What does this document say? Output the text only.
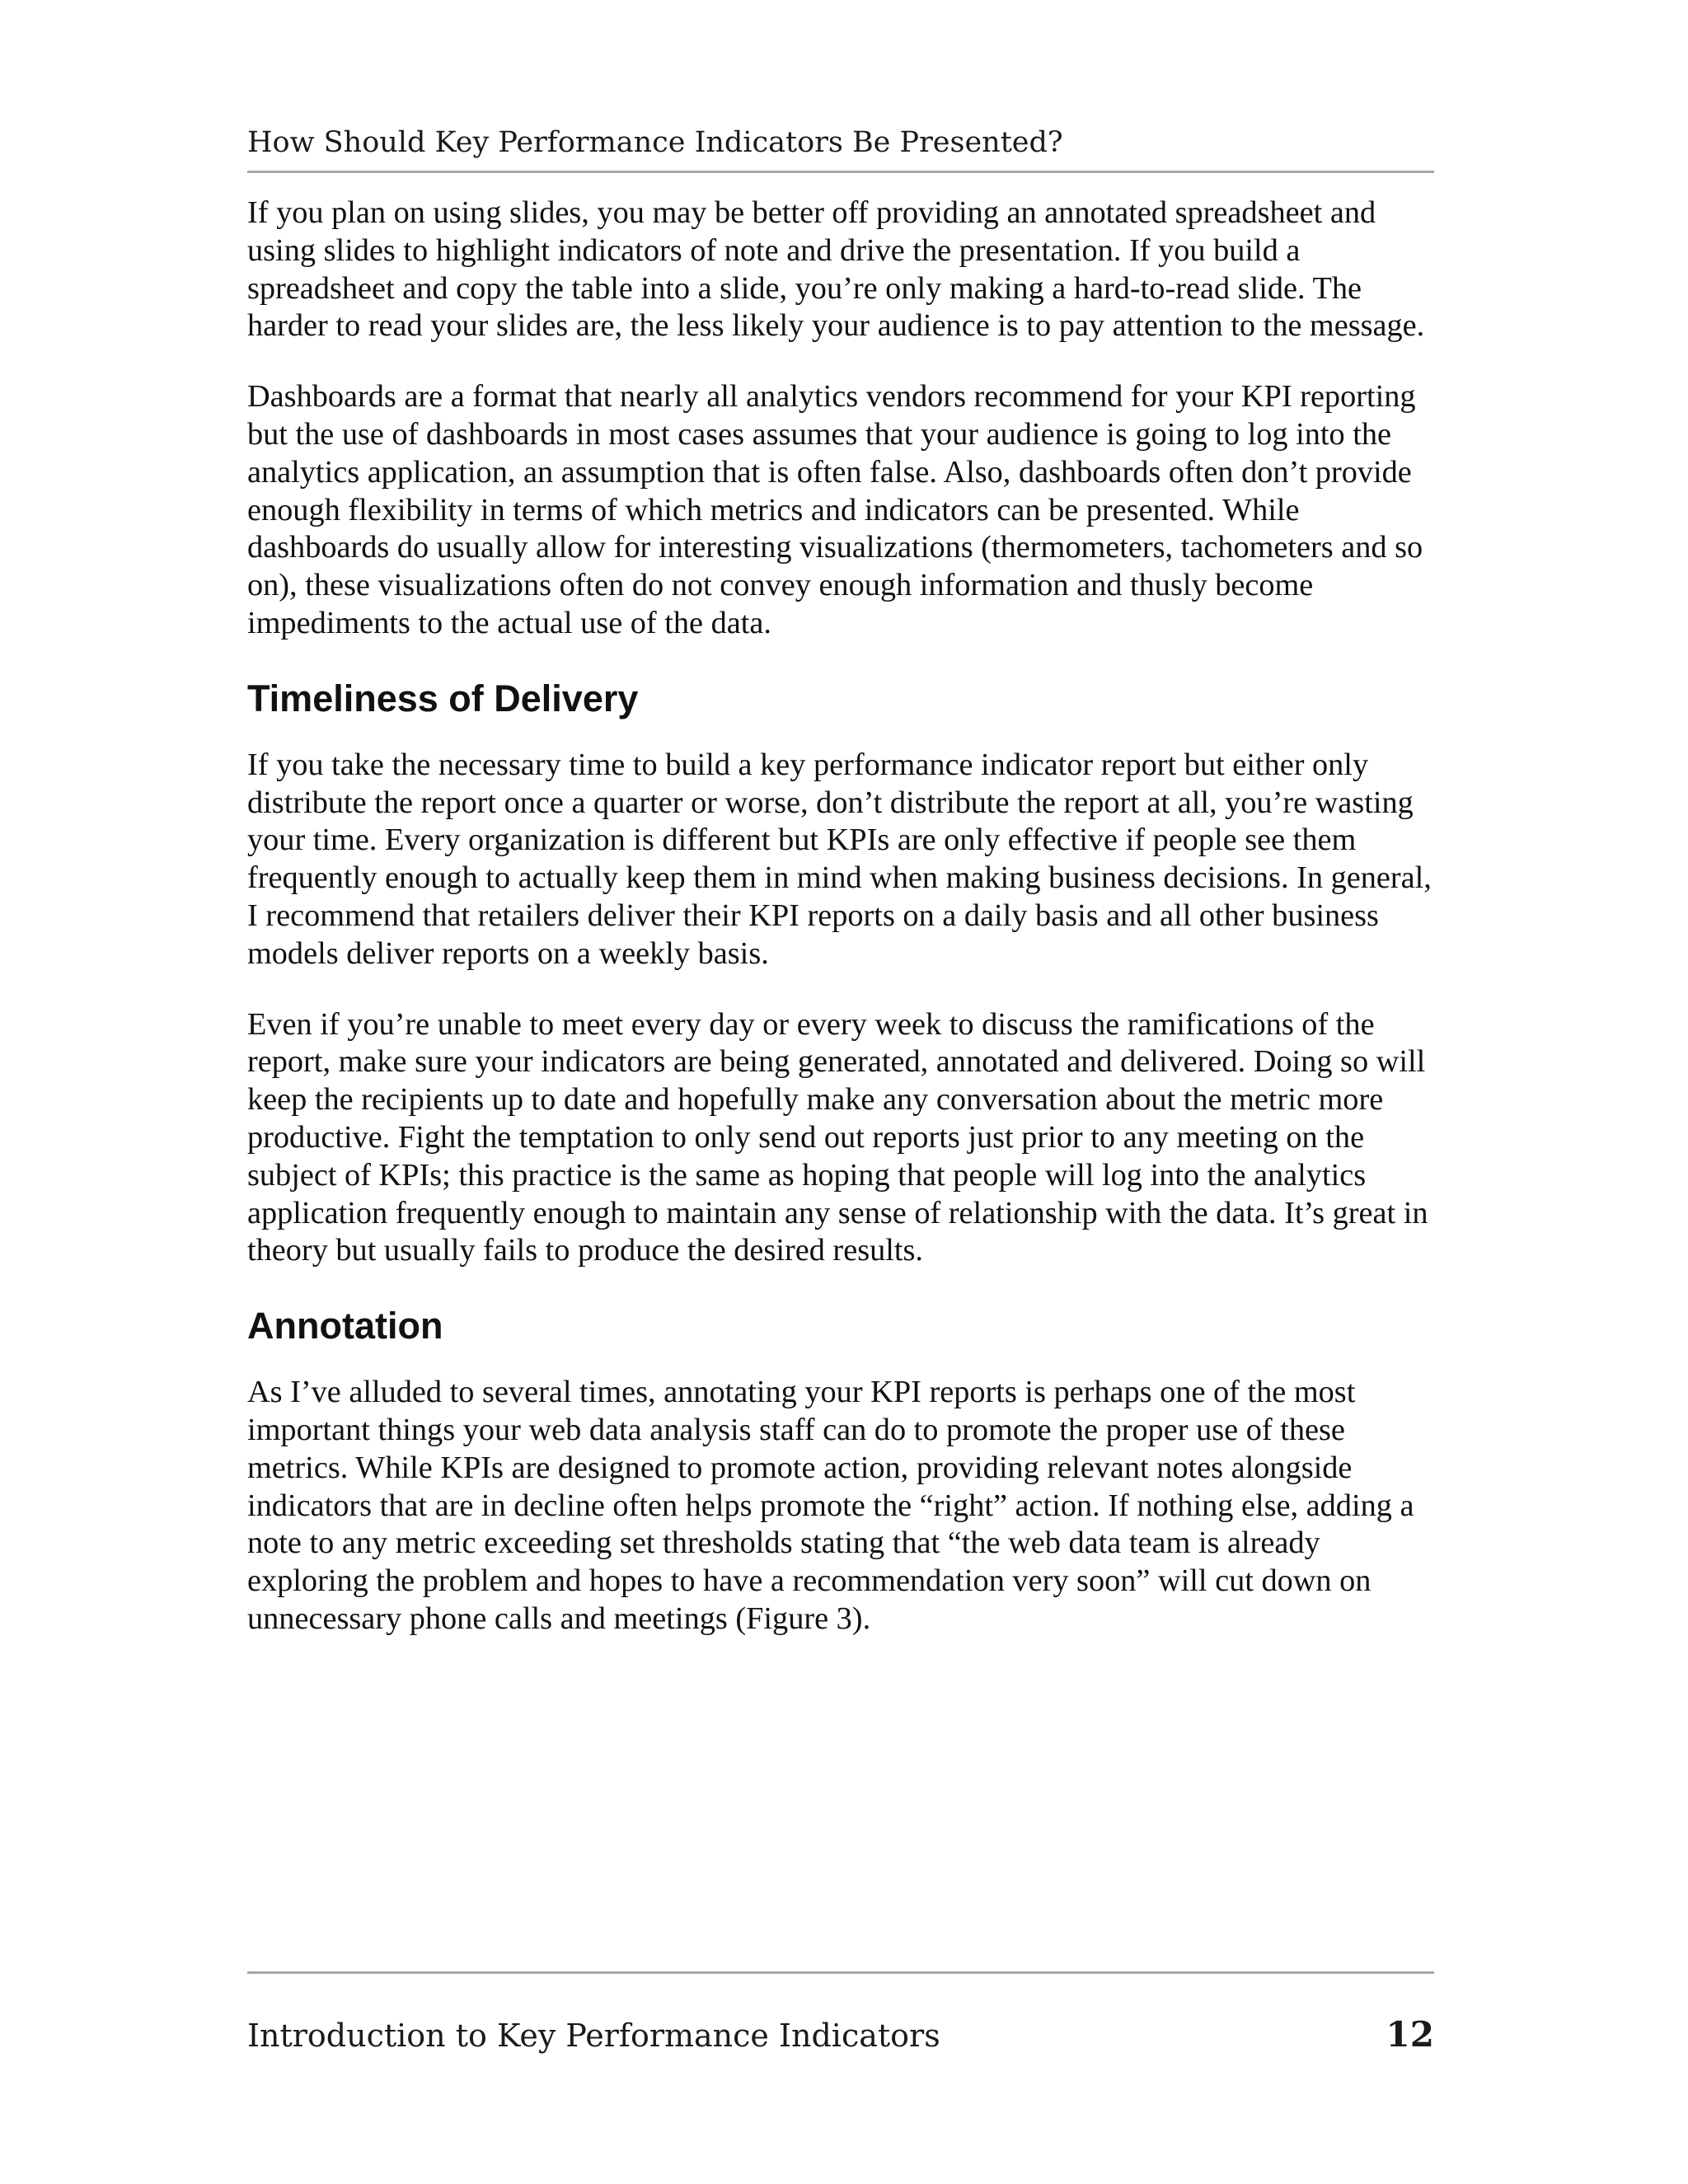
How Should Key Performance Indicators Be Presented?

If you plan on using slides, you may be better off providing an annotated spreadsheet and using slides to highlight indicators of note and drive the presentation. If you build a spreadsheet and copy the table into a slide, you’re only making a hard-to-read slide. The harder to read your slides are, the less likely your audience is to pay attention to the message.

Dashboards are a format that nearly all analytics vendors recommend for your KPI reporting but the use of dashboards in most cases assumes that your audience is going to log into the analytics application, an assumption that is often false. Also, dashboards often don’t provide enough flexibility in terms of which metrics and indicators can be presented. While dashboards do usually allow for interesting visualizations (thermometers, tachometers and so on), these visualizations often do not convey enough information and thusly become impediments to the actual use of the data.

Timeliness of Delivery

If you take the necessary time to build a key performance indicator report but either only distribute the report once a quarter or worse, don’t distribute the report at all, you’re wasting your time. Every organization is different but KPIs are only effective if people see them frequently enough to actually keep them in mind when making business decisions. In general, I recommend that retailers deliver their KPI reports on a daily basis and all other business models deliver reports on a weekly basis.

Even if you’re unable to meet every day or every week to discuss the ramifications of the report, make sure your indicators are being generated, annotated and delivered. Doing so will keep the recipients up to date and hopefully make any conversation about the metric more productive. Fight the temptation to only send out reports just prior to any meeting on the subject of KPIs; this practice is the same as hoping that people will log into the analytics application frequently enough to maintain any sense of relationship with the data. It’s great in theory but usually fails to produce the desired results.

Annotation

As I’ve alluded to several times, annotating your KPI reports is perhaps one of the most important things your web data analysis staff can do to promote the proper use of these metrics. While KPIs are designed to promote action, providing relevant notes alongside indicators that are in decline often helps promote the “right” action. If nothing else, adding a note to any metric exceeding set thresholds stating that “the web data team is already exploring the problem and hopes to have a recommendation very soon” will cut down on unnecessary phone calls and meetings (Figure 3).

Introduction to Key Performance Indicators	12
